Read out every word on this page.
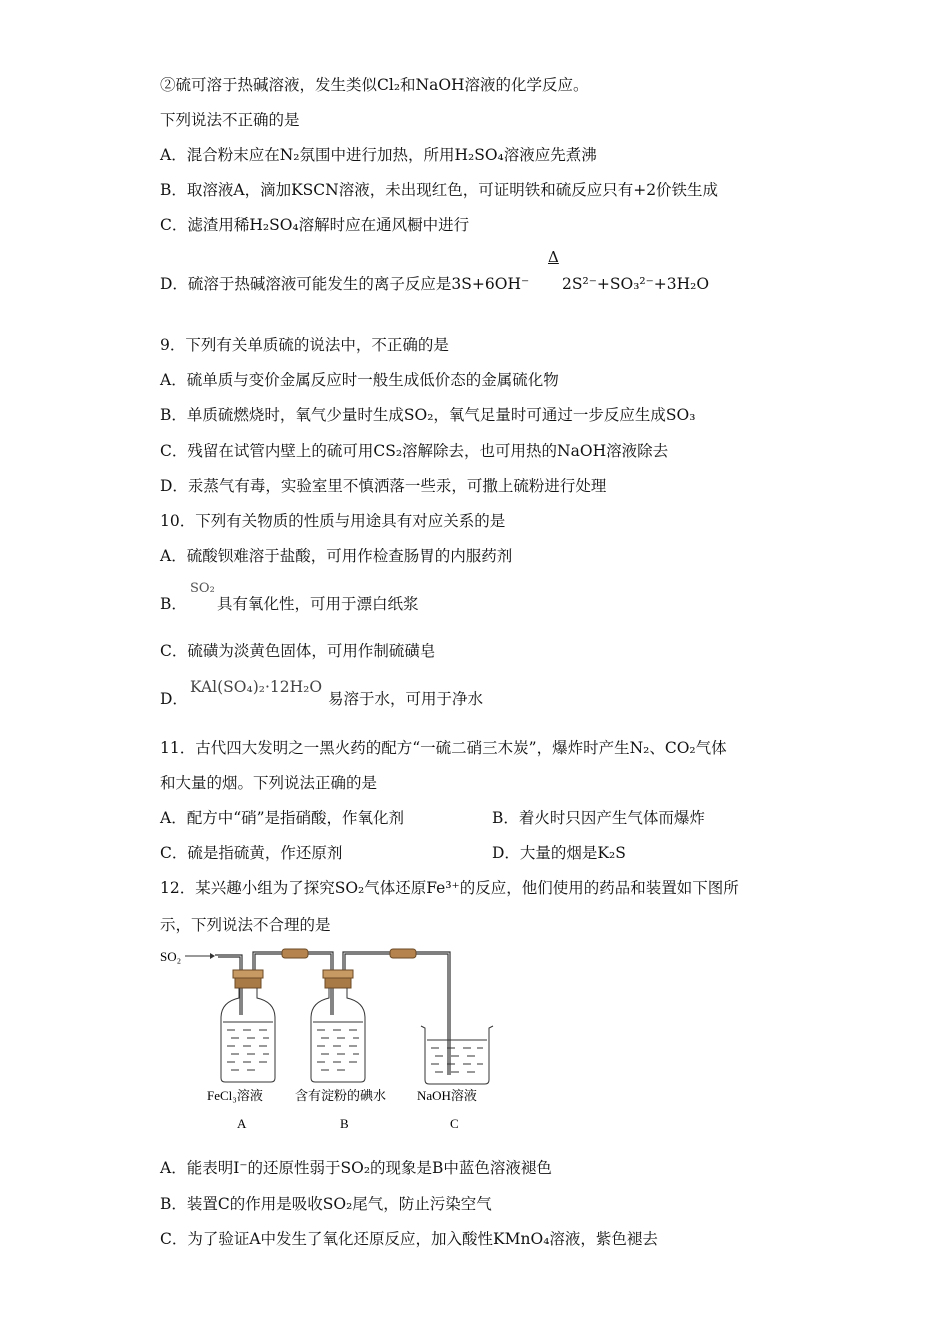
②硫可溶于热碱溶液，发生类似Cl₂和NaOH溶液的化学反应。
下列说法不正确的是
A．混合粉末应在N₂氛围中进行加热，所用H₂SO₄溶液应先煮沸
B．取溶液A，滴加KSCN溶液，未出现红色，可证明铁和硫反应只有+2价铁生成
C．滤渣用稀H₂SO₄溶解时应在通风橱中进行
D．硫溶于热碱溶液可能发生的离子反应是3S+6OH⁻
Δ
2S²⁻+SO₃²⁻+3H₂O
9．下列有关单质硫的说法中，不正确的是
A．硫单质与变价金属反应时一般生成低价态的金属硫化物
B．单质硫燃烧时，氧气少量时生成SO₂，氧气足量时可通过一步反应生成SO₃
C．残留在试管内壁上的硫可用CS₂溶解除去，也可用热的NaOH溶液除去
D．汞蒸气有毒，实验室里不慎洒落一些汞，可撒上硫粉进行处理
10．下列有关物质的性质与用途具有对应关系的是
A．硫酸钡难溶于盐酸，可用作检查肠胃的内服药剂
B．
SO₂
具有氧化性，可用于漂白纸浆
C．硫磺为淡黄色固体，可用作制硫磺皂
D．
KAl(SO₄)₂·12H₂O
易溶于水，可用于净水
11．古代四大发明之一黑火药的配方“一硫二硝三木炭”，爆炸时产生N₂、CO₂气体
和大量的烟。下列说法正确的是
A．配方中“硝”是指硝酸，作氧化剂	B．着火时只因产生气体而爆炸
C．硫是指硫黄，作还原剂	D．大量的烟是K₂S
12．某兴趣小组为了探究SO₂气体还原Fe³⁺的反应，他们使用的药品和装置如下图所
示，下列说法不合理的是
SO₂
FeCl₃溶液 含有淀粉的碘水 NaOH溶液
A	B	C
A．能表明I⁻的还原性弱于SO₂的现象是B中蓝色溶液褪色
B．装置C的作用是吸收SO₂尾气，防止污染空气
C．为了验证A中发生了氧化还原反应，加入酸性KMnO₄溶液，紫色褪去
